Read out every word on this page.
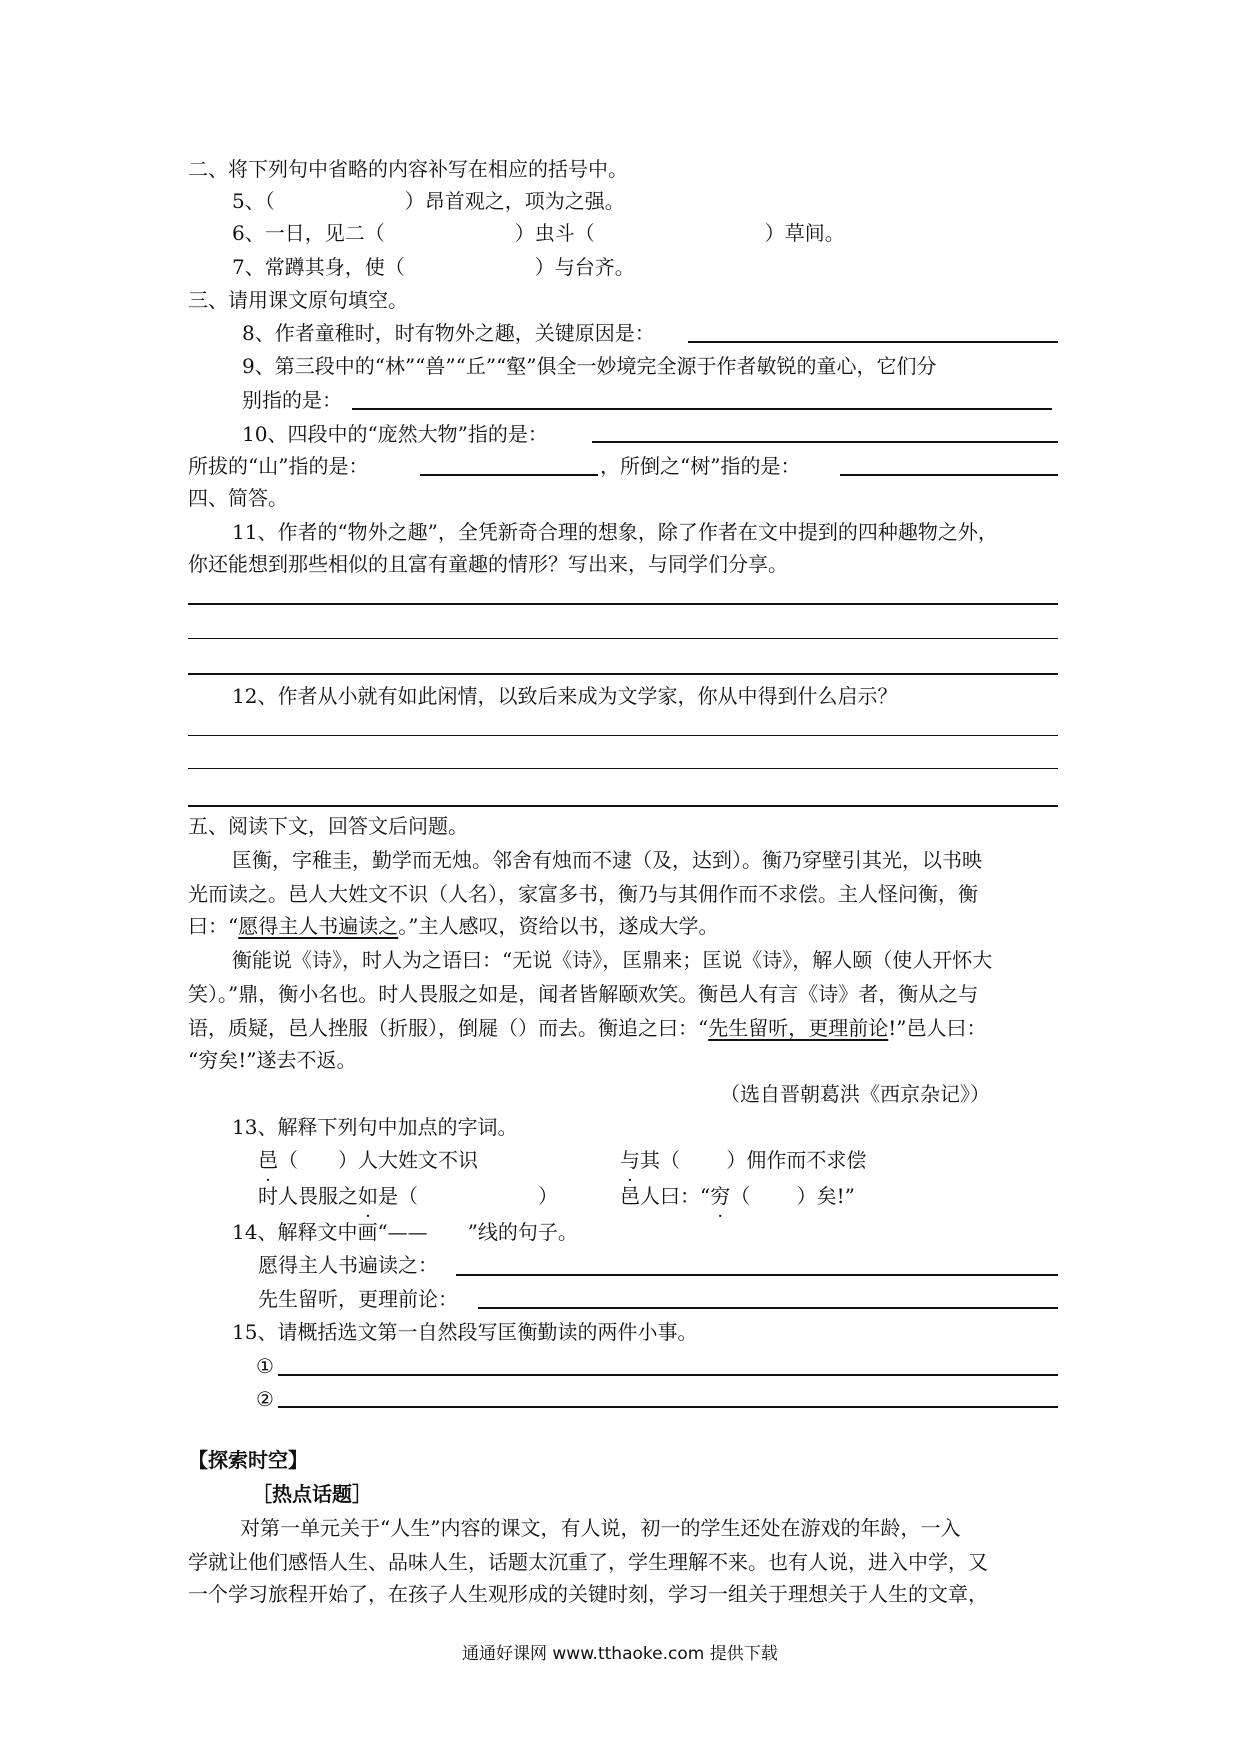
二、将下列句中省略的内容补写在相应的括号中。
5、（	）昂首观之，项为之强。
6、一日，见二（	）虫斗（	）草间。
7、常蹲其身，使（	）与台齐。
三、请用课文原句填空。
8、作者童稚时，时有物外之趣，关键原因是：
9、第三段中的“林”“兽”“丘”“壑”俱全一妙境完全源于作者敏锐的童心，它们分
别指的是：
10、四段中的“庞然大物”指的是：
所拔的“山”指的是：	，所倒之“树”指的是：
四、简答。
11、作者的“物外之趣”，全凭新奇合理的想象，除了作者在文中提到的四种趣物之外，
你还能想到那些相似的且富有童趣的情形？写出来，与同学们分享。
12、作者从小就有如此闲情，以致后来成为文学家，你从中得到什么启示？
五、阅读下文，回答文后问题。
匡衡，字稚圭，勤学而无烛。邻舍有烛而不逮（及，达到）。衡乃穿壁引其光，以书映
光而读之。邑人大姓文不识（人名），家富多书，衡乃与其佣作而不求偿。主人怪问衡，衡
曰：“愿得主人书遍读之。”主人感叹，资给以书，遂成大学。
衡能说《诗》，时人为之语曰：“无说《诗》，匡鼎来；匡说《诗》，解人颐（使人开怀大
笑）。”鼎，衡小名也。时人畏服之如是，闻者皆解颐欢笑。衡邑人有言《诗》者，衡从之与
语，质疑，邑人挫服（折服），倒屣（）而去。衡追之曰：“先生留听，更理前论!”邑人曰：
“穷矣!”遂去不返。
（选自晋朝葛洪《西京杂记》）
13、解释下列句中加点的字词。
邑（　　）人大姓文不识	与其（　　 ）佣作而不求偿
时人畏服之如是（　　　　　　）	邑人曰：“穷（　　 ）矣!”
14、解释文中画“——　　”线的句子。
愿得主人书遍读之：
先生留听，更理前论：
15、请概括选文第一自然段写匡衡勤读的两件小事。
①
②
【探索时空】
［热点话题］
对第一单元关于“人生”内容的课文，有人说，初一的学生还处在游戏的年龄，一入
学就让他们感悟人生、品味人生，话题太沉重了，学生理解不来。也有人说，进入中学，又
一个学习旅程开始了，在孩子人生观形成的关键时刻，学习一组关于理想关于人生的文章，
通通好课网 www.tthaoke.com 提供下载
